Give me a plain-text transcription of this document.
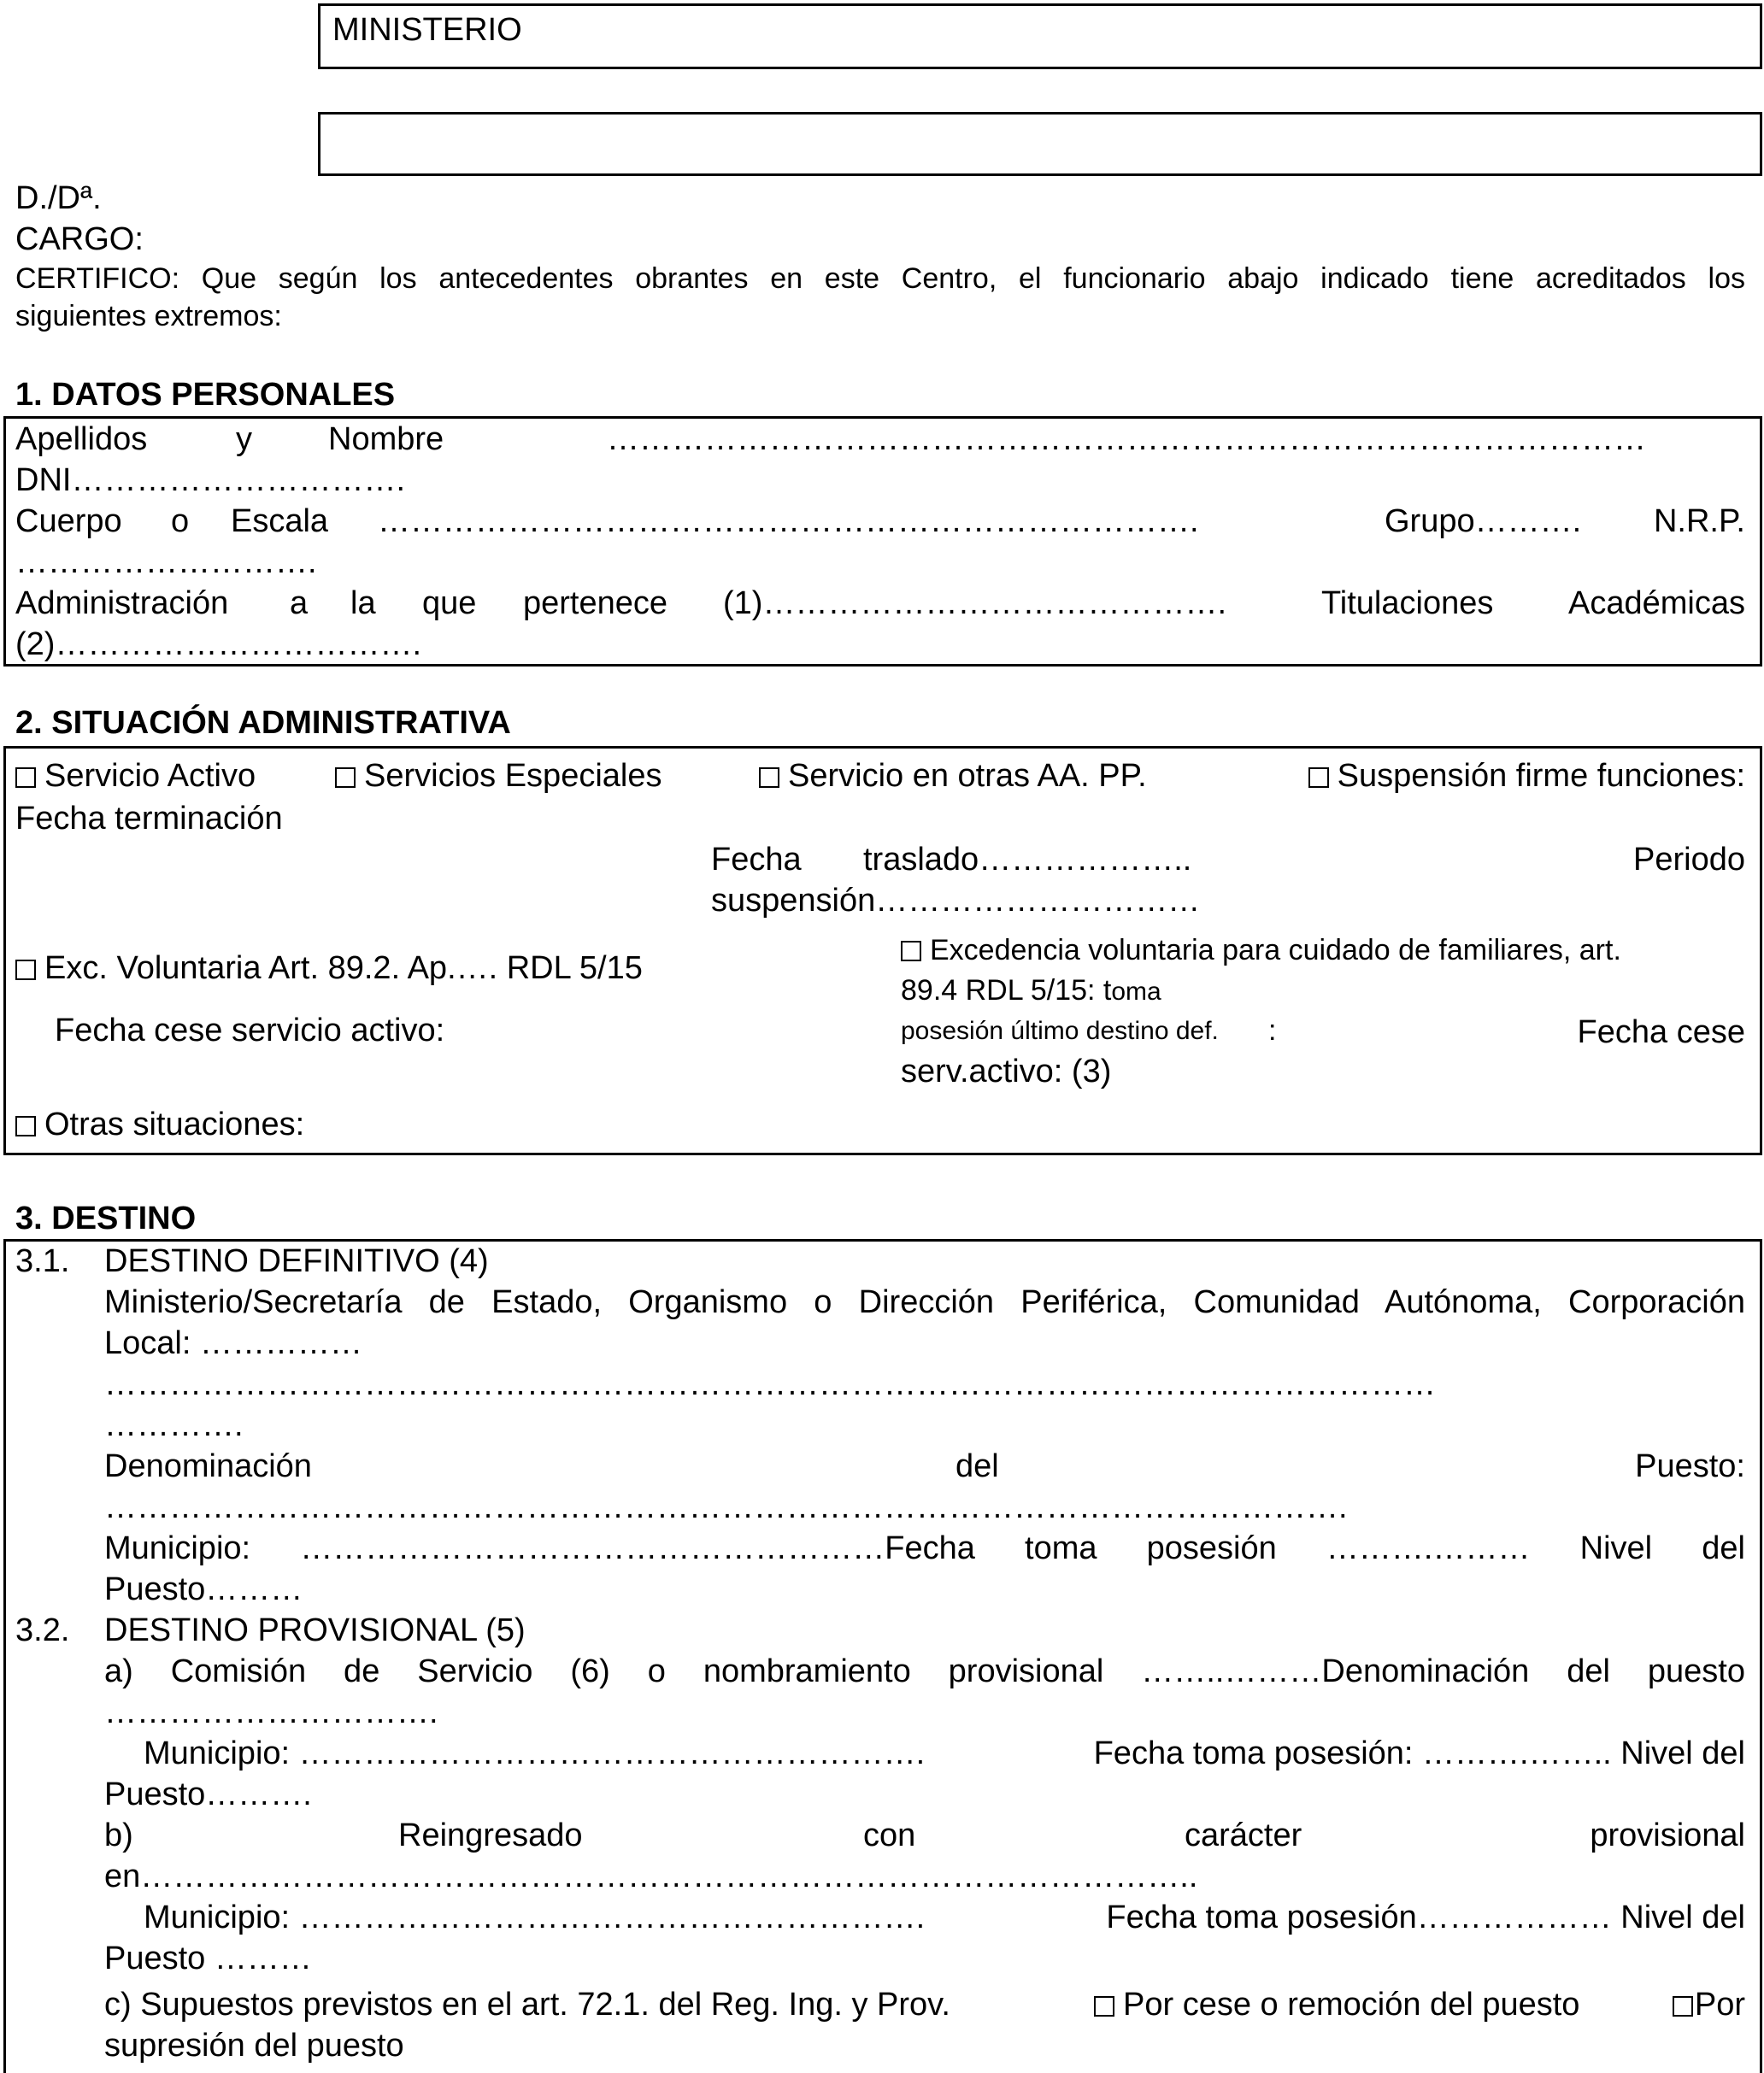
MINISTERIO
D./Dª.
CARGO:
CERTIFICO: Que según los antecedentes obrantes en este Centro, el funcionario abajo indicado tiene acreditados los
siguientes extremos:
1. DATOS PERSONALES
Apellidos	y Nombre	……………………………………………………………………………………
DNI………………………….
Cuerpo o Escala ………………………………………………………………….	Grupo………. N.R.P.
……………………….
Administración a la que pertenece (1)…………………………………….	Titulaciones Académicas
(2)…………………………….
2. SITUACIÓN ADMINISTRATIVA
Servicio Activo	Servicios Especiales	Servicio en otras AA. PP.	Suspensión firme funciones:
Fecha terminación
Fecha traslado………………..	Periodo
suspensión…………………………
Exc. Voluntaria Art. 89.2. Ap.…. RDL 5/15
Fecha cese servicio activo:
Excedencia voluntaria para cuidado de familiares, art.
89.4 RDL 5/15: toma
posesión último destino def. :	Fecha cese
serv.activo: (3)
Otras situaciones:
3. DESTINO
3.1. DESTINO DEFINITIVO (4)
Ministerio/Secretaría de Estado, Organismo o Dirección Periférica, Comunidad Autónoma, Corporación
Local: ……………
……………………………………………………………………………………………………………
………….
Denominación	del	Puesto:
…………………………………………………………………………………………………….
Municipio: ………………………………………………Fecha toma posesión ……….……… Nivel del
Puesto………
3.2. DESTINO PROVISIONAL (5)
a) Comisión de Servicio (6) o nombramiento provisional ……..………Denominación del puesto
………………………….
Municipio: ………………………………………………….	Fecha toma posesión: ……….…….. Nivel del
Puesto……….
b)	Reingresado	con	carácter	provisional
en……………………………………………………………………………………..
Municipio: ………………………………………………….	Fecha toma posesión……………… Nivel del
Puesto ………
c) Supuestos previstos en el art. 72.1. del Reg. Ing. y Prov.	Por cese o remoción del puesto	Por
supresión del puesto
